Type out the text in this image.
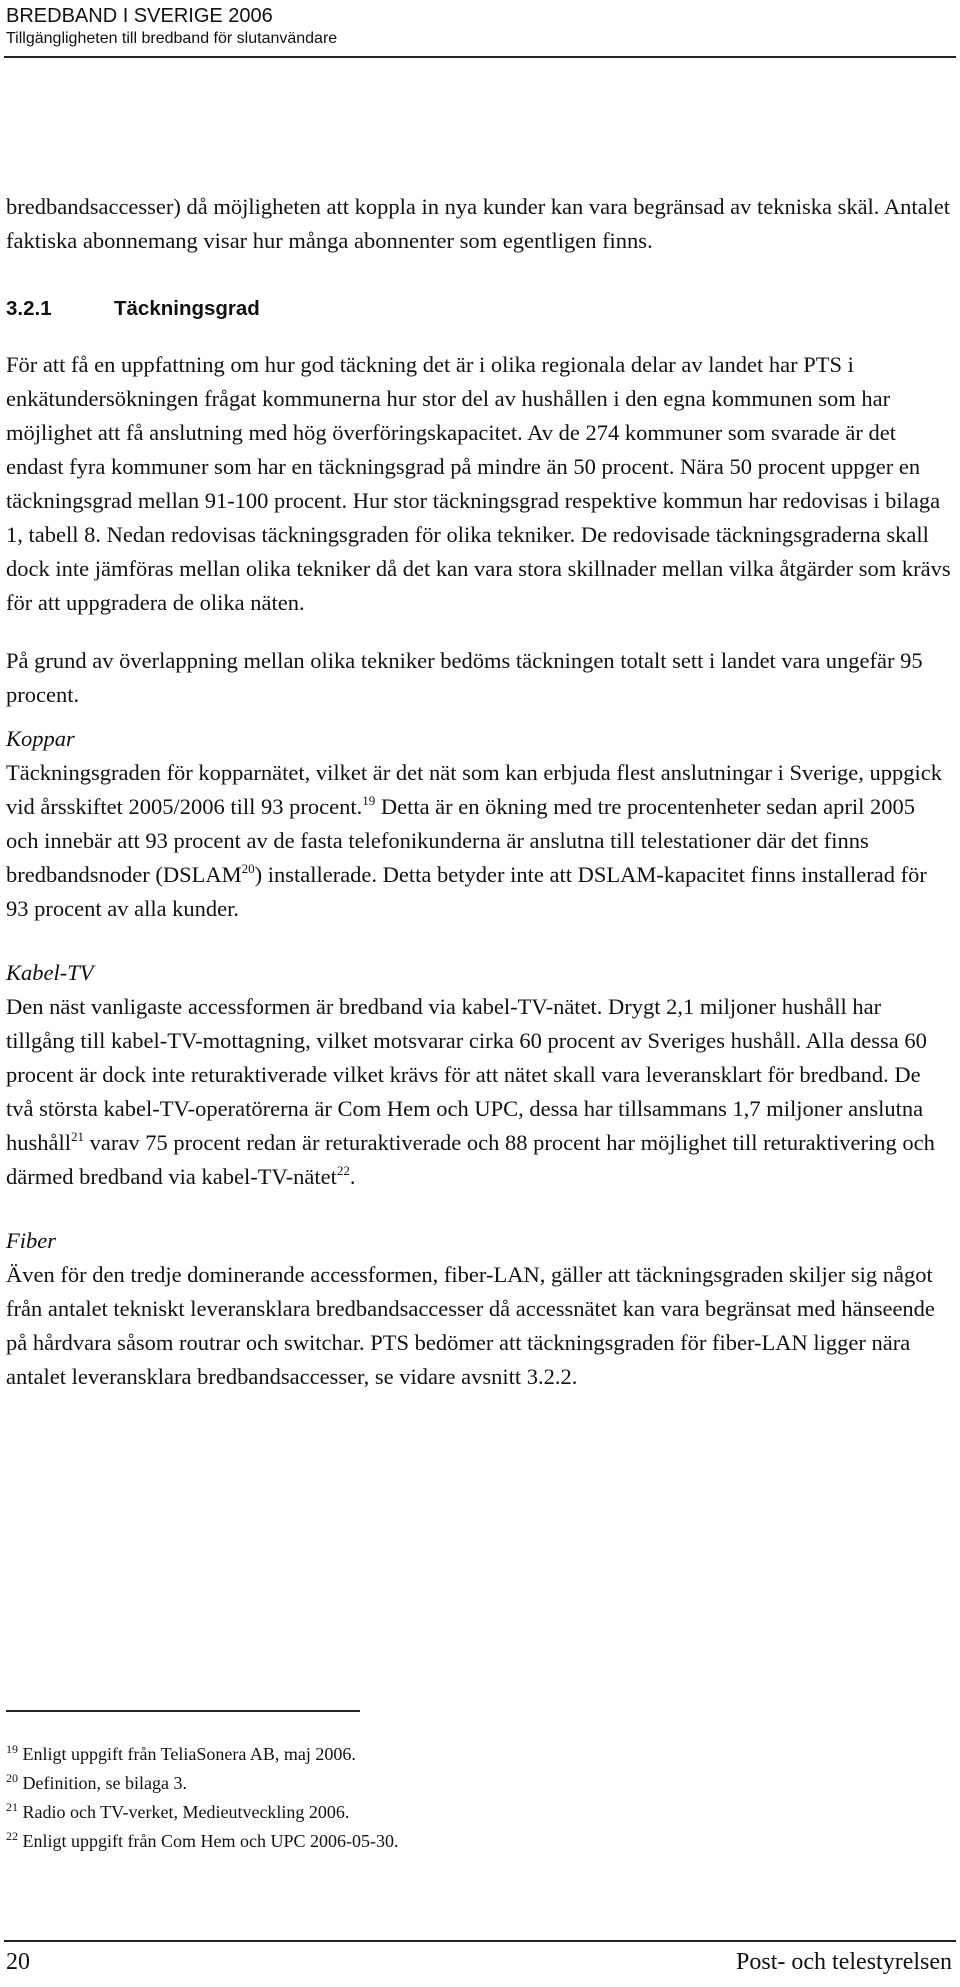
BREDBAND I SVERIGE 2006
Tillgängligheten till bredband för slutanvändare

bredbandsaccesser) då möjligheten att koppla in nya kunder kan vara begränsad av tekniska skäl. Antalet faktiska abonnemang visar hur många abonnenter som egentligen finns.

3.2.1	Täckningsgrad

För att få en uppfattning om hur god täckning det är i olika regionala delar av landet har PTS i enkätundersökningen frågat kommunerna hur stor del av hushållen i den egna kommunen som har möjlighet att få anslutning med hög överföringskapacitet. Av de 274 kommuner som svarade är det endast fyra kommuner som har en täckningsgrad på mindre än 50 procent. Nära 50 procent uppger en täckningsgrad mellan 91-100 procent. Hur stor täckningsgrad respektive kommun har redovisas i bilaga 1, tabell 8. Nedan redovisas täckningsgraden för olika tekniker. De redovisade täckningsgraderna skall dock inte jämföras mellan olika tekniker då det kan vara stora skillnader mellan vilka åtgärder som krävs för att uppgradera de olika näten.

På grund av överlappning mellan olika tekniker bedöms täckningen totalt sett i landet vara ungefär 95 procent.

Koppar

Täckningsgraden för kopparnätet, vilket är det nät som kan erbjuda flest anslutningar i Sverige, uppgick vid årsskiftet 2005/2006 till 93 procent.$^{19}$ Detta är en ökning med tre procentenheter sedan april 2005 och innebär att 93 procent av de fasta telefonikunderna är anslutna till telestationer där det finns bredbandsnoder (DSLAM$^{20}$) installerade. Detta betyder inte att DSLAM-kapacitet finns installerad för 93 procent av alla kunder.

Kabel-TV

Den näst vanligaste accessformen är bredband via kabel-TV-nätet. Drygt 2,1 miljoner hushåll har tillgång till kabel-TV-mottagning, vilket motsvarar cirka 60 procent av Sveriges hushåll. Alla dessa 60 procent är dock inte returaktiverade vilket krävs för att nätet skall vara leveransklart för bredband. De två största kabel-TV-operatörerna är Com Hem och UPC, dessa har tillsammans 1,7 miljoner anslutna hushåll$^{21}$ varav 75 procent redan är returaktiverade och 88 procent har möjlighet till returaktivering och därmed bredband via kabel-TV-nätet$^{22}$.

Fiber

Även för den tredje dominerande accessformen, fiber-LAN, gäller att täckningsgraden skiljer sig något från antalet tekniskt leveransklara bredbandsaccesser då accessnätet kan vara begränsat med hänseende på hårdvara såsom routrar och switchar. PTS bedömer att täckningsgraden för fiber-LAN ligger nära antalet leveransklara bredbandsaccesser, se vidare avsnitt 3.2.2.

$^{19}$ Enligt uppgift från TeliaSonera AB, maj 2006.
$^{20}$ Definition, se bilaga 3.
$^{21}$ Radio och TV-verket, Medieutveckling 2006.
$^{22}$ Enligt uppgift från Com Hem och UPC 2006-05-30.
20	Post- och telestyrelsen
